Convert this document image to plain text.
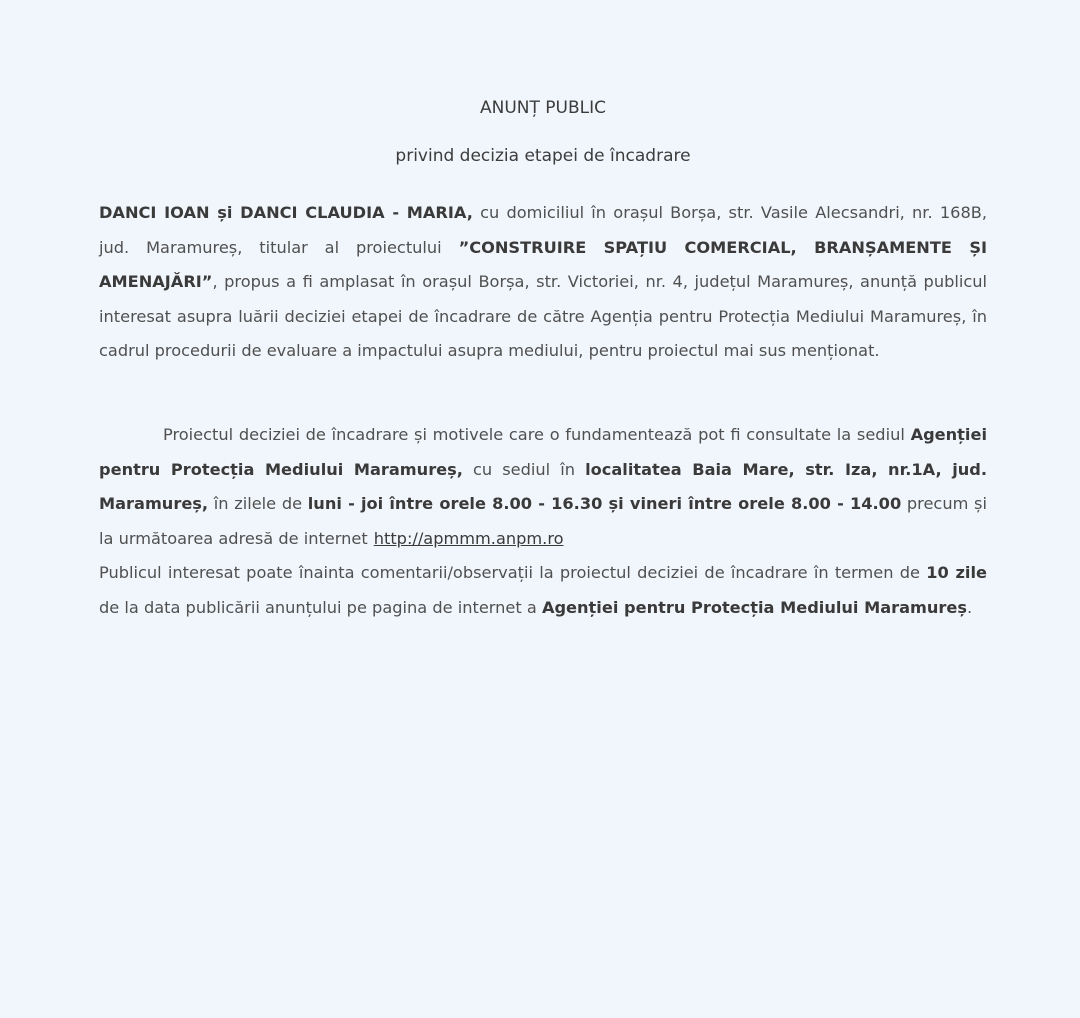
ANUNȚ PUBLIC
privind decizia etapei de încadrare
DANCI IOAN și DANCI CLAUDIA - MARIA, cu domiciliul în orașul Borșa, str. Vasile Alecsandri, nr. 168B, jud. Maramureș, titular al proiectului ”CONSTRUIRE SPAȚIU COMERCIAL, BRANȘAMENTE ȘI AMENAJĂRI”, propus a fi amplasat în orașul Borșa, str. Victoriei, nr. 4, județul Maramureș, anunță publicul interesat asupra luării deciziei etapei de încadrare de către Agenția pentru Protecția Mediului Maramureș, în cadrul procedurii de evaluare a impactului asupra mediului, pentru proiectul mai sus menționat.
Proiectul deciziei de încadrare și motivele care o fundamentează pot fi consultate la sediul Agenției pentru Protecția Mediului Maramureș, cu sediul în localitatea Baia Mare, str. Iza, nr.1A, jud. Maramureș, în zilele de luni - joi între orele 8.00 - 16.30 și vineri între orele 8.00 - 14.00 precum și la următoarea adresă de internet http://apmmm.anpm.ro
Publicul interesat poate înainta comentarii/observații la proiectul deciziei de încadrare în termen de 10 zile de la data publicării anunțului pe pagina de internet a Agenției pentru Protecția Mediului Maramureș.
